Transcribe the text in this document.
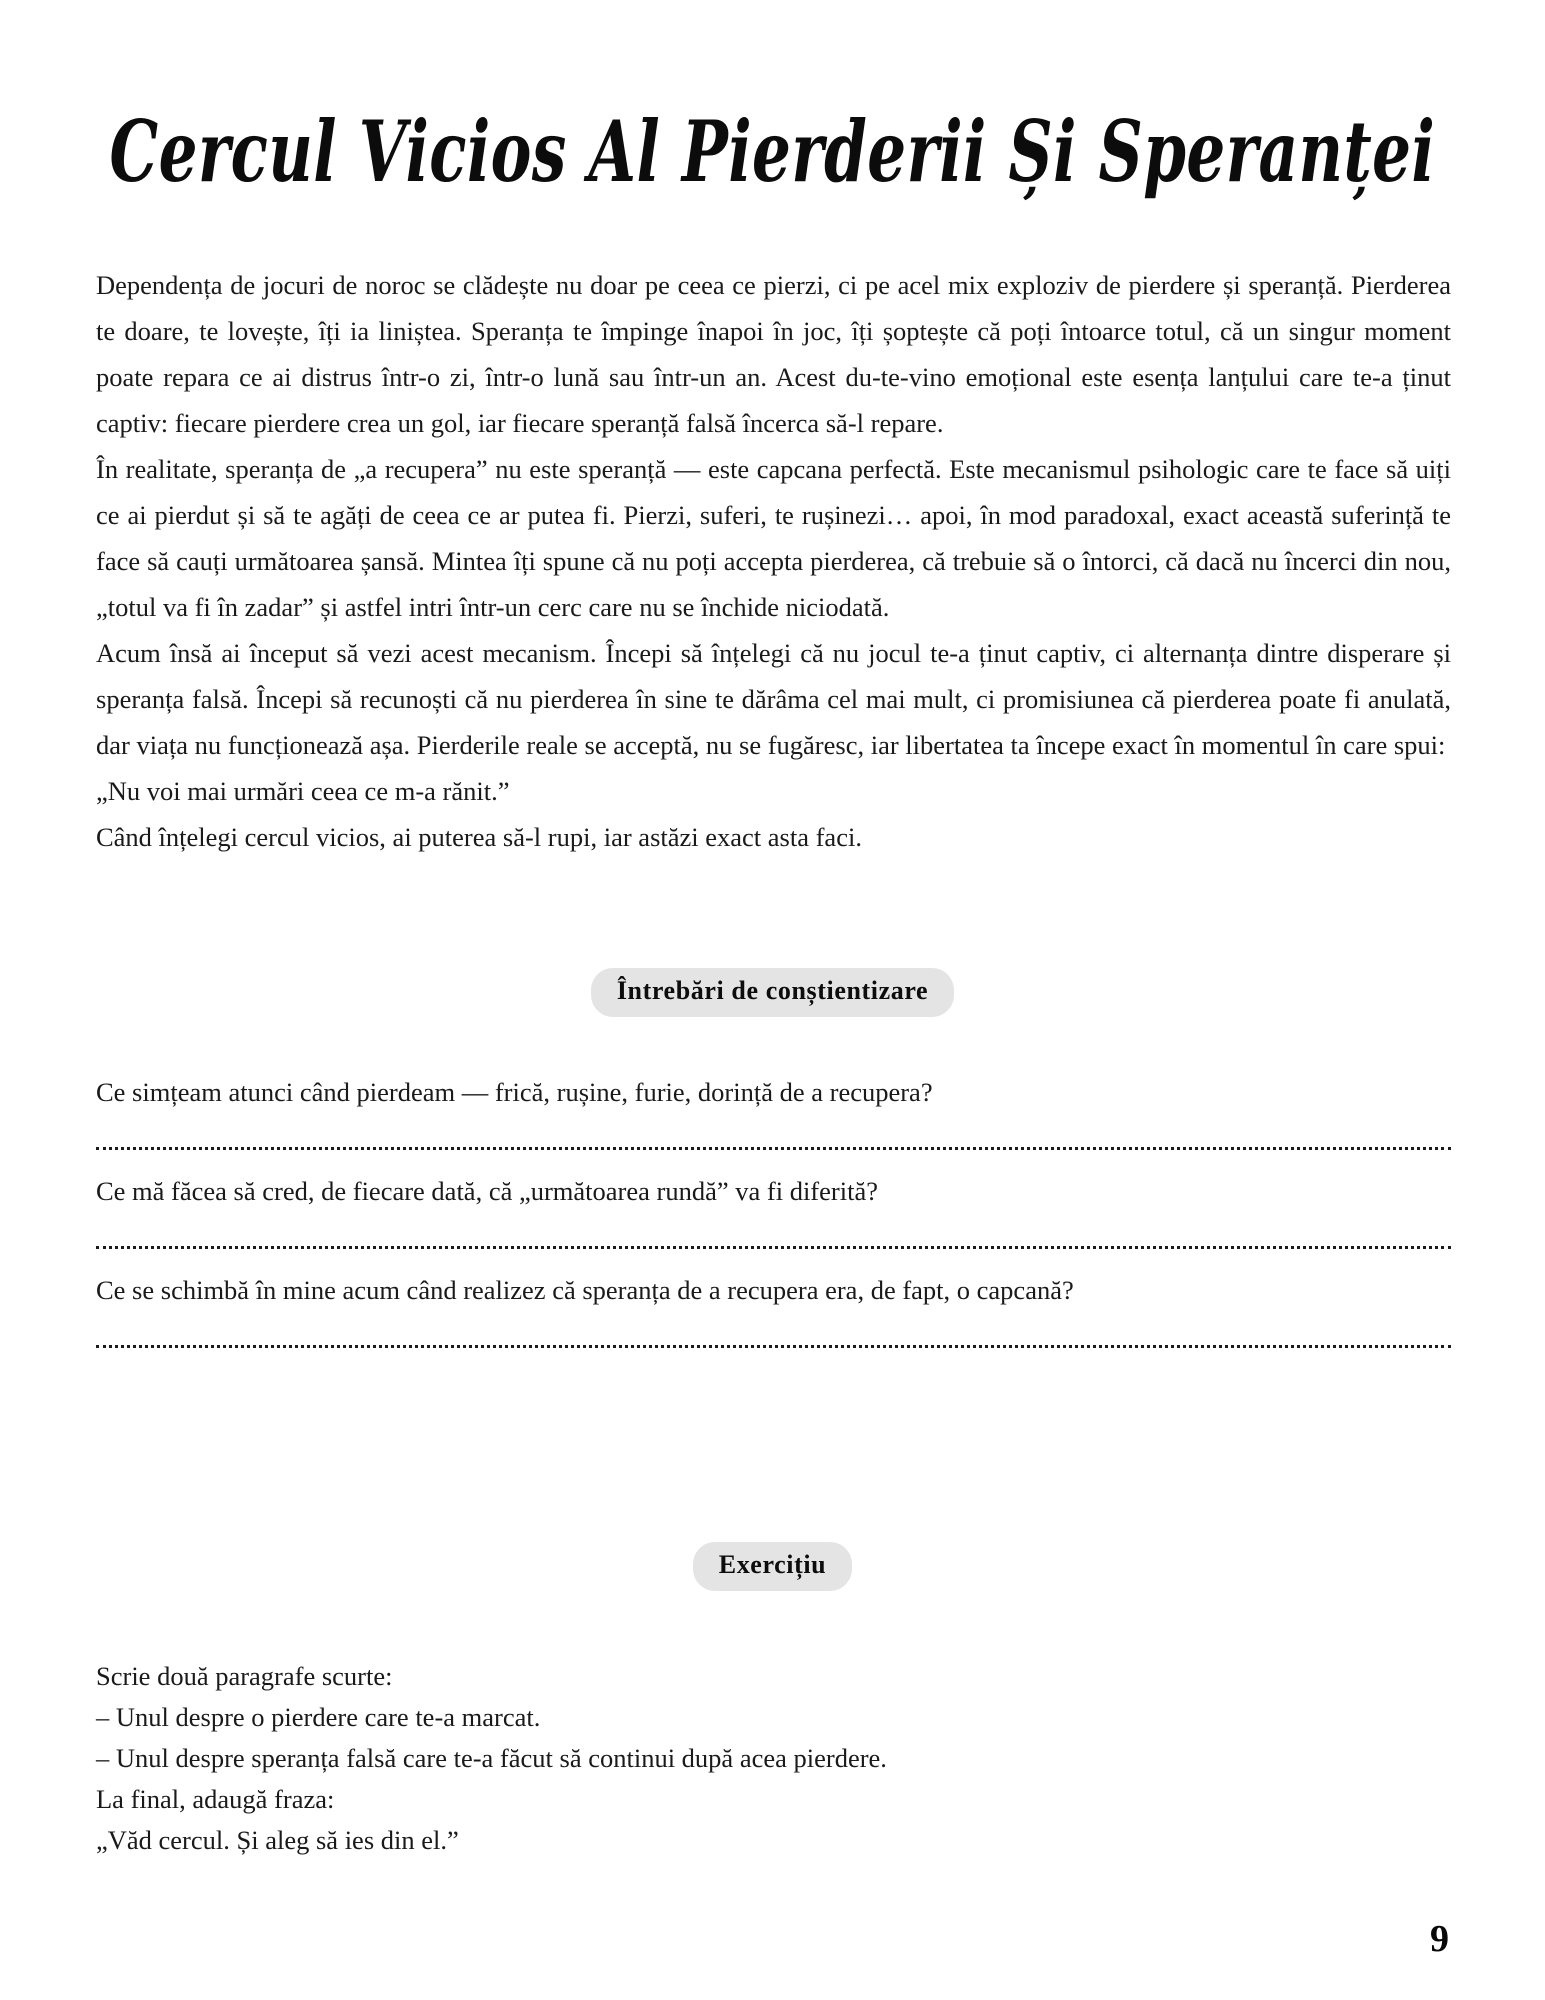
Cercul Vicios Al Pierderii Și Speranței

Dependența de jocuri de noroc se clădește nu doar pe ceea ce pierzi, ci pe acel mix exploziv de pierdere și speranță. Pierderea te doare, te lovește, îți ia liniștea. Speranța te împinge înapoi în joc, îți șoptește că poți întoarce totul, că un singur moment poate repara ce ai distrus într-o zi, într-o lună sau într-un an. Acest du-te-vino emoțional este esența lanțului care te-a ținut captiv: fiecare pierdere crea un gol, iar fiecare speranță falsă încerca să-l repare.

În realitate, speranța de „a recupera” nu este speranță — este capcana perfectă. Este mecanismul psihologic care te face să uiți ce ai pierdut și să te agăți de ceea ce ar putea fi. Pierzi, suferi, te rușinezi… apoi, în mod paradoxal, exact această suferință te face să cauți următoarea șansă. Mintea îți spune că nu poți accepta pierderea, că trebuie să o întorci, că dacă nu încerci din nou, „totul va fi în zadar” și astfel intri într-un cerc care nu se închide niciodată.

Acum însă ai început să vezi acest mecanism. Începi să înțelegi că nu jocul te-a ținut captiv, ci alternanța dintre disperare și speranța falsă. Începi să recunoști că nu pierderea în sine te dărâma cel mai mult, ci promisiunea că pierderea poate fi anulată, dar viața nu funcționează așa. Pierderile reale se acceptă, nu se fugăresc, iar libertatea ta începe exact în momentul în care spui:

„Nu voi mai urmări ceea ce m-a rănit.”

Când înțelegi cercul vicios, ai puterea să-l rupi, iar astăzi exact asta faci.

Întrebări de conștientizare

Ce simțeam atunci când pierdeam — frică, rușine, furie, dorință de a recupera?

Ce mă făcea să cred, de fiecare dată, că „următoarea rundă” va fi diferită?

Ce se schimbă în mine acum când realizez că speranța de a recupera era, de fapt, o capcană?

Exercițiu

Scrie două paragrafe scurte:

– Unul despre o pierdere care te-a marcat.

– Unul despre speranța falsă care te-a făcut să continui după acea pierdere.

La final, adaugă fraza:

„Văd cercul. Și aleg să ies din el.”

9
